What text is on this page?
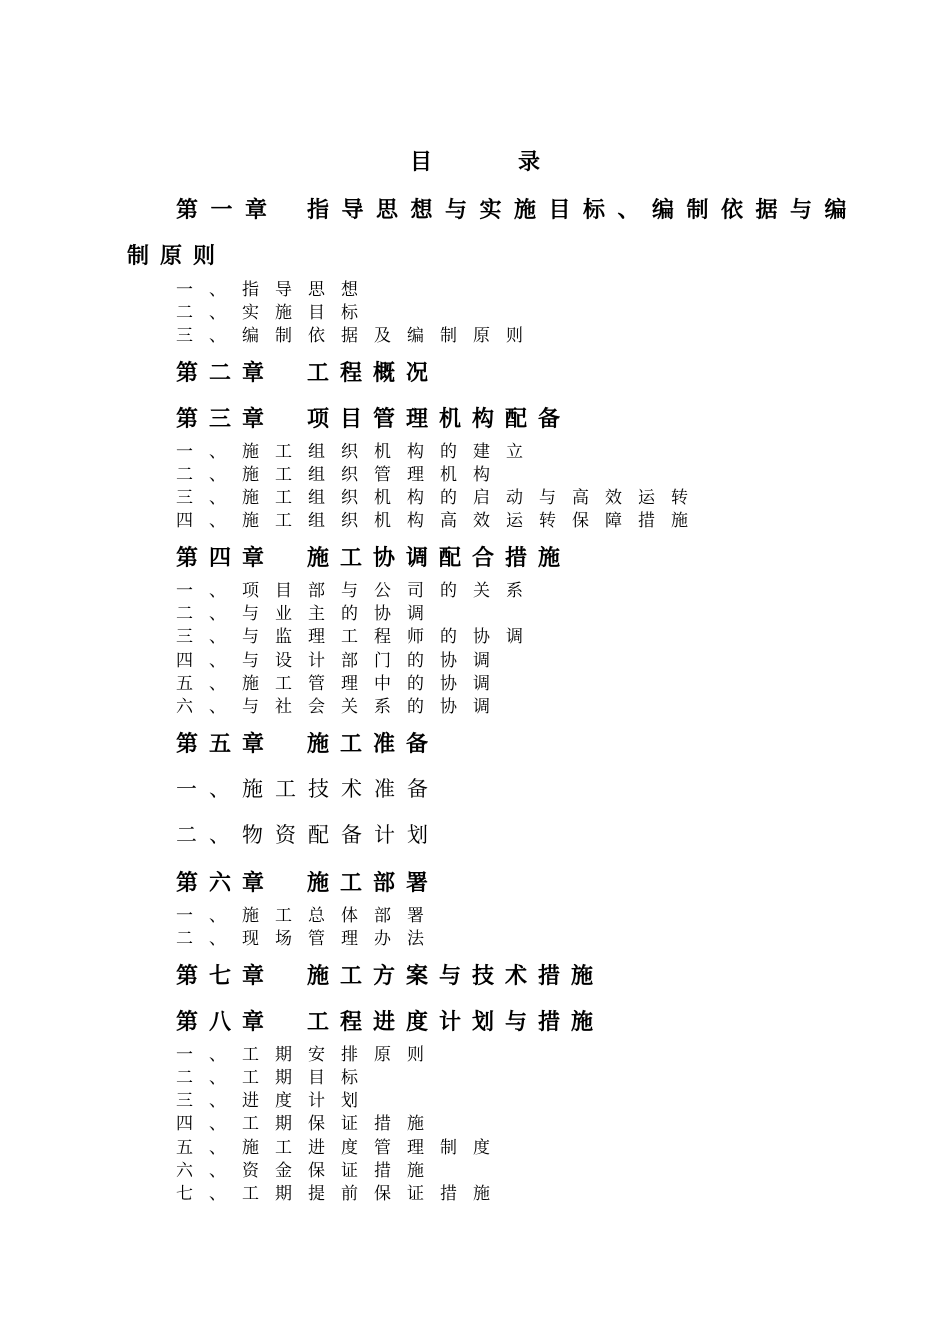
目	录
第一章 指导思想与实施目标、编制依据与编
制原则
一、指导思想
二、实施目标
三、编制依据及编制原则
第二章 工程概况
第三章 项目管理机构配备
一、施工组织机构的建立
二、施工组织管理机构
三、施工组织机构的启动与高效运转
四、施工组织机构高效运转保障措施
第四章 施工协调配合措施
一、项目部与公司的关系
二、与业主的协调
三、与监理工程师的协调
四、与设计部门的协调
五、施工管理中的协调
六、与社会关系的协调
第五章 施工准备
一、施工技术准备
二、物资配备计划
第六章 施工部署
一、施工总体部署
二、现场管理办法
第七章 施工方案与技术措施
第八章 工程进度计划与措施
一、工期安排原则
二、工期目标
三、进度计划
四、工期保证措施
五、施工进度管理制度
六、资金保证措施
七、工期提前保证措施
